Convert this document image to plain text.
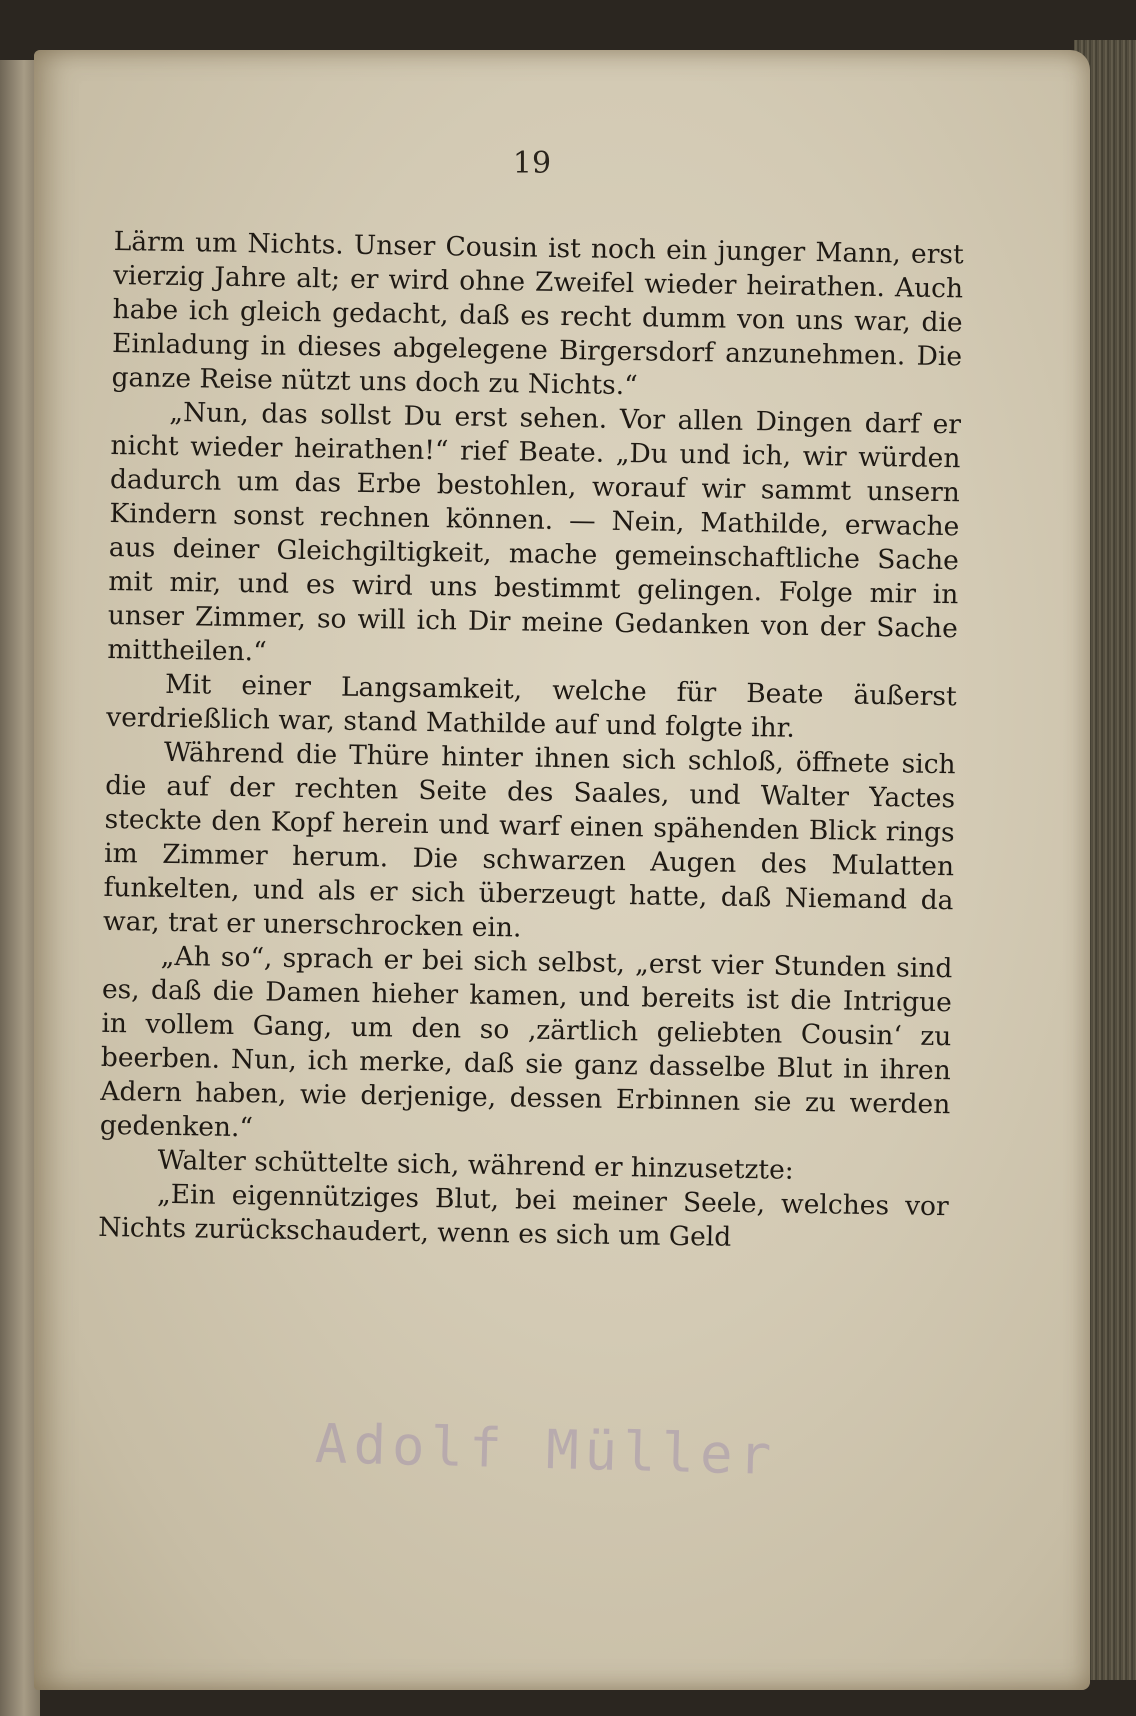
19

Lärm um Nichts. Unser Cousin ist noch ein junger Mann, erst vierzig Jahre alt; er wird ohne Zweifel wieder heirathen. Auch habe ich gleich gedacht, daß es recht dumm von uns war, die Einladung in dieses abgelegene Birgersdorf anzunehmen. Die ganze Reise nützt uns doch zu Nichts.“

„Nun, das sollst Du erst sehen. Vor allen Dingen darf er nicht wieder heirathen!“ rief Beate. „Du und ich, wir würden dadurch um das Erbe bestohlen, worauf wir sammt unsern Kindern sonst rechnen können. — Nein, Mathilde, erwache aus deiner Gleichgiltigkeit, mache gemeinschaftliche Sache mit mir, und es wird uns bestimmt gelingen. Folge mir in unser Zimmer, so will ich Dir meine Gedanken von der Sache mittheilen.“

Mit einer Langsamkeit, welche für Beate äußerst verdrießlich war, stand Mathilde auf und folgte ihr.

Während die Thüre hinter ihnen sich schloß, öffnete sich die auf der rechten Seite des Saales, und Walter Yactes steckte den Kopf herein und warf einen spähenden Blick rings im Zimmer herum. Die schwarzen Augen des Mulatten funkelten, und als er sich überzeugt hatte, daß Niemand da war, trat er unerschrocken ein.

„Ah so“, sprach er bei sich selbst, „erst vier Stunden sind es, daß die Damen hieher kamen, und bereits ist die Intrigue in vollem Gang, um den so ‚zärtlich geliebten Cousin‘ zu beerben. Nun, ich merke, daß sie ganz dasselbe Blut in ihren Adern haben, wie derjenige, dessen Erbinnen sie zu werden gedenken.“

Walter schüttelte sich, während er hinzusetzte:

„Ein eigennütziges Blut, bei meiner Seele, welches vor Nichts zurückschaudert, wenn es sich um Geld

Adolf Müller
